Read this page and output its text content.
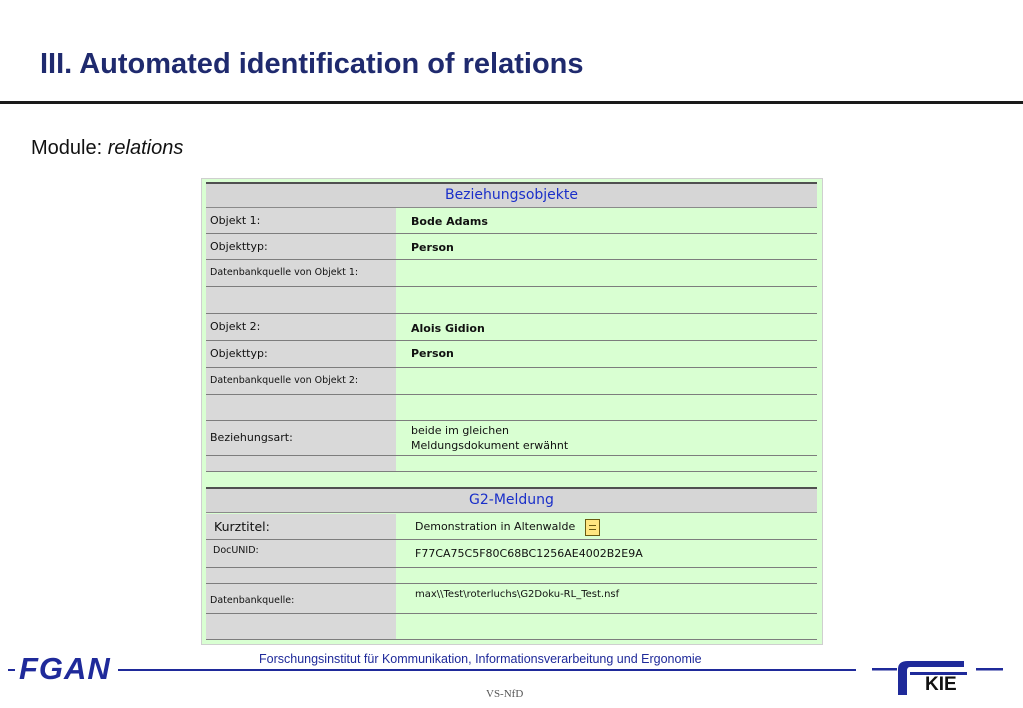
III. Automated identification of relations
Module: relations
Beziehungsobjekte
Objekt 1:	Bode Adams
Objekttyp:	Person
Datenbankquelle von Objekt 1:
Objekt 2:	Alois Gidion
Objekttyp:	Person
Datenbankquelle von Objekt 2:
Beziehungsart:
beide im gleichen
Meldungsdokument erwähnt
G2-Meldung
Kurztitel:	Demonstration in Altenwalde
DocUNID:	F77CA75C5F80C68BC1256AE4002B2E9A
Datenbankquelle:
max\\Test\roterluchs\G2Doku-RL_Test.nsf
FGAN	Forschungsinstitut für Kommunikation, Informationsverarbeitung und Ergonomie
VS-NfD	KIE
